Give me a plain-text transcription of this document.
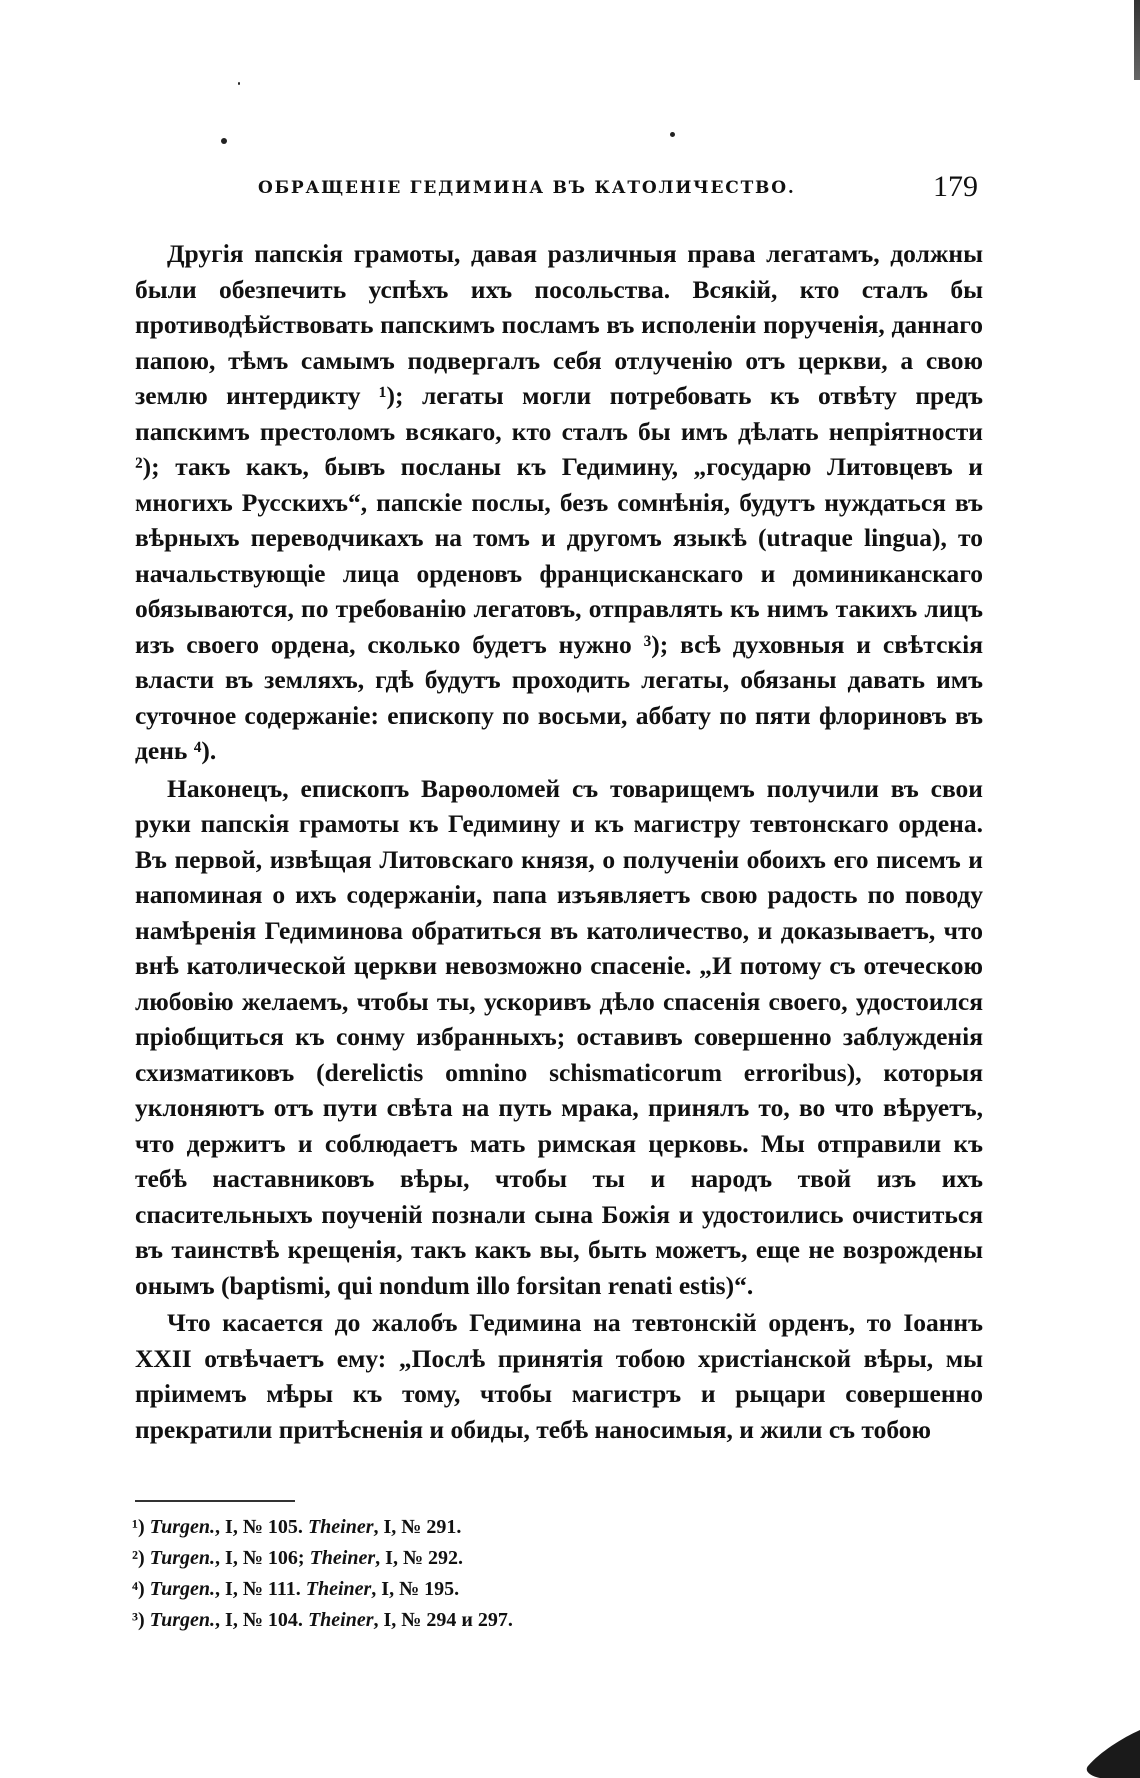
ОБРАЩЕНІЕ ГЕДИМИНА ВЪ КАТОЛИЧЕСТВО.	179

Другія папскія грамоты, давая различныя права легатамъ, должны были обезпечить успѣхъ ихъ посольства. Всякій, кто сталъ бы противодѣйствовать папскимъ посламъ въ исполеніи порученія, даннаго папою, тѣмъ самымъ подвергалъ себя отлученію отъ церкви, а свою землю интердикту ¹); легаты могли потребовать къ отвѣту предъ папскимъ престоломъ всякаго, кто сталъ бы имъ дѣлать непріятности ²); такъ какъ, бывъ посланы къ Гедимину, „государю Литовцевъ и многихъ Русскихъ“, папскіе послы, безъ сомнѣнія, будутъ нуждаться въ вѣрныхъ переводчикахъ на томъ и другомъ языкѣ (utraque lingua), то начальствующіе лица орденовъ францисканскаго и доминиканскаго обязываются, по требованію легатовъ, отправлять къ нимъ такихъ лицъ изъ своего ордена, сколько будетъ нужно ³); всѣ духовныя и свѣтскія власти въ земляхъ, гдѣ будутъ проходить легаты, обязаны давать имъ суточное содержаніе: епископу по восьми, аббату по пяти флориновъ въ день ⁴).

Наконецъ, епископъ Варѳоломей съ товарищемъ получили въ свои руки папскія грамоты къ Гедимину и къ магистру тевтонскаго ордена. Въ первой, извѣщая Литовскаго князя, о полученіи обоихъ его писемъ и напоминая о ихъ содержаніи, папа изъявляетъ свою радость по поводу намѣренія Гедиминова обратиться въ католичество, и доказываетъ, что внѣ католической церкви невозможно спасеніе. „И потому съ отеческою любовію желаемъ, чтобы ты, ускоривъ дѣло спасенія своего, удостоился пріобщиться къ сонму избранныхъ; оставивъ совершенно заблужденія схизматиковъ (derelictis omnino schismaticorum erroribus), которыя уклоняютъ отъ пути свѣта на путь мрака, принялъ то, во что вѣруетъ, что держитъ и соблюдаетъ мать римская церковь. Мы отправили къ тебѣ наставниковъ вѣры, чтобы ты и народъ твой изъ ихъ спасительныхъ поученій познали сына Божія и удостоились очиститься въ таинствѣ крещенія, такъ какъ вы, быть можетъ, еще не возрождены онымъ (baptismi, qui nondum illo forsitan renati estis)“.

Что касается до жалобъ Гедимина на тевтонскій орденъ, то Іоаннъ XXII отвѣчаетъ ему: „Послѣ принятія тобою христіанской вѣры, мы пріимемъ мѣры къ тому, чтобы магистръ и рыцари совершенно прекратили притѣсненія и обиды, тебѣ наносимыя, и жили съ тобою

¹) Turgen., I, № 105. Theiner, I, № 291.
²) Turgen., I, № 106; Theiner, I, № 292.
⁴) Turgen., I, № 111. Theiner, I, № 195.
³) Turgen., I, № 104. Theiner, I, № 294 и 297.
